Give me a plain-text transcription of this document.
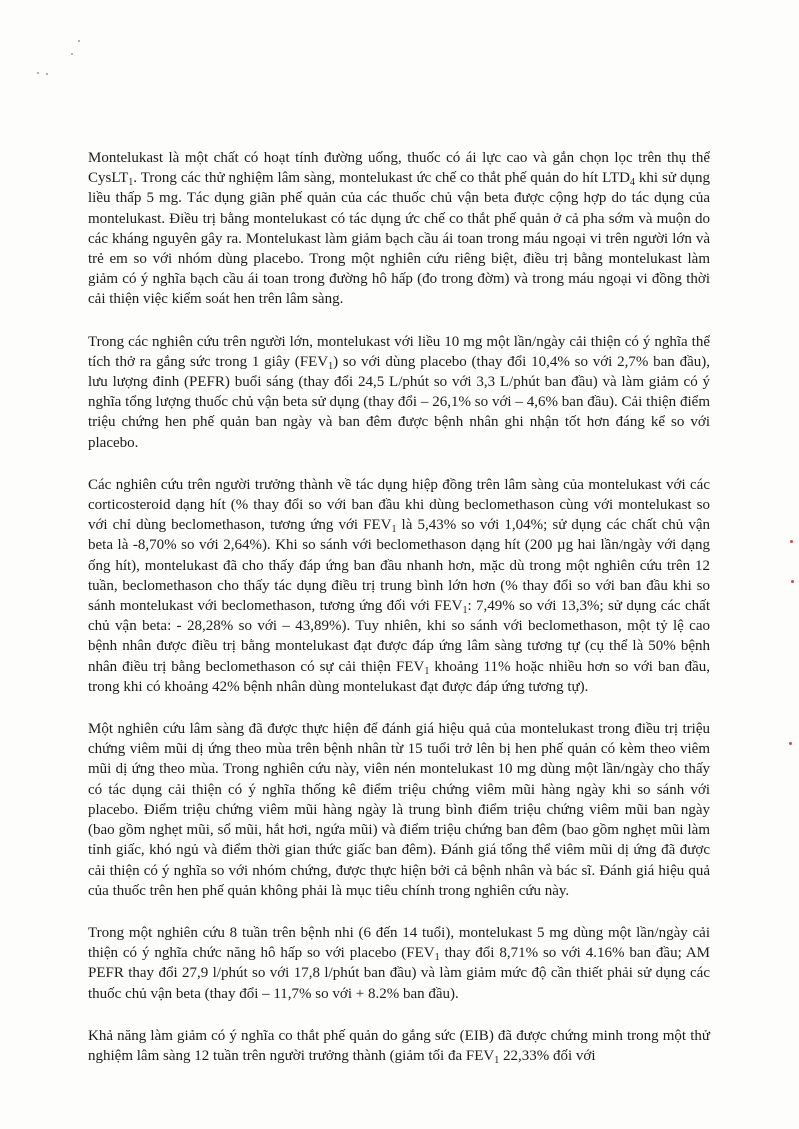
Montelukast là một chất có hoạt tính đường uống, thuốc có ái lực cao và gắn chọn lọc trên thụ thể CysLT$_1$. Trong các thử nghiệm lâm sàng, montelukast ức chế co thắt phế quản do hít $LTD_4$ khi sử dụng liều thấp 5 mg. Tác dụng giãn phế quản của các thuốc chủ vận beta được cộng hợp do tác dụng của montelukast. Điều trị bằng montelukast có tác dụng ức chế co thắt phế quản ở cả pha sớm và muộn do các kháng nguyên gây ra. Montelukast làm giảm bạch cầu ái toan trong máu ngoại vi trên người lớn và trẻ em so với nhóm dùng placebo. Trong một nghiên cứu riêng biệt, điều trị bằng montelukast làm giảm có ý nghĩa bạch cầu ái toan trong đường hô hấp (đo trong đờm) và trong máu ngoại vi đồng thời cải thiện việc kiểm soát hen trên lâm sàng.

Trong các nghiên cứu trên người lớn, montelukast với liều 10 mg một lần/ngày cải thiện có ý nghĩa thể tích thở ra gắng sức trong 1 giây $(FEV_1)$ so với dùng placebo (thay đổi 10,4% so với 2,7% ban đầu), lưu lượng đỉnh (PEFR) buổi sáng (thay đổi 24,5 L/phút so với 3,3 L/phút ban đầu) và làm giảm có ý nghĩa tổng lượng thuốc chủ vận beta sử dụng (thay đổi – 26,1% so với – 4,6% ban đầu). Cải thiện điểm triệu chứng hen phế quản ban ngày và ban đêm được bệnh nhân ghi nhận tốt hơn đáng kể so với placebo.

Các nghiên cứu trên người trưởng thành về tác dụng hiệp đồng trên lâm sàng của montelukast với các corticosteroid dạng hít (% thay đổi so với ban đầu khi dùng beclomethason cùng với montelukast so với chỉ dùng beclomethason, tương ứng với $FEV_1$ là 5,43% so với 1,04%; sử dụng các chất chủ vận beta là -8,70% so với 2,64%). Khi so sánh với beclomethason dạng hít (200 µg hai lần/ngày với dạng ống hít), montelukast đã cho thấy đáp ứng ban đầu nhanh hơn, mặc dù trong một nghiên cứu trên 12 tuần, beclomethason cho thấy tác dụng điều trị trung bình lớn hơn (% thay đổi so với ban đầu khi so sánh montelukast với beclomethason, tương ứng đối với $FEV_1$: 7,49% so với 13,3%; sử dụng các chất chủ vận beta: - 28,28% so với – 43,89%). Tuy nhiên, khi so sánh với beclomethason, một tỷ lệ cao bệnh nhân được điều trị bằng montelukast đạt được đáp ứng lâm sàng tương tự (cụ thể là 50% bệnh nhân điều trị bằng beclomethason có sự cải thiện $FEV_1$ khoảng 11% hoặc nhiều hơn so với ban đầu, trong khi có khoảng 42% bệnh nhân dùng montelukast đạt được đáp ứng tương tự).

Một nghiên cứu lâm sàng đã được thực hiện để đánh giá hiệu quả của montelukast trong điều trị triệu chứng viêm mũi dị ứng theo mùa trên bệnh nhân từ 15 tuổi trở lên bị hen phế quản có kèm theo viêm mũi dị ứng theo mùa. Trong nghiên cứu này, viên nén montelukast 10 mg dùng một lần/ngày cho thấy có tác dụng cải thiện có ý nghĩa thống kê điểm triệu chứng viêm mũi hàng ngày khi so sánh với placebo. Điểm triệu chứng viêm mũi hàng ngày là trung bình điểm triệu chứng viêm mũi ban ngày (bao gồm nghẹt mũi, sổ mũi, hắt hơi, ngứa mũi) và điểm triệu chứng ban đêm (bao gồm nghẹt mũi làm tỉnh giấc, khó ngủ và điểm thời gian thức giấc ban đêm). Đánh giá tổng thể viêm mũi dị ứng đã được cải thiện có ý nghĩa so với nhóm chứng, được thực hiện bởi cả bệnh nhân và bác sĩ. Đánh giá hiệu quả của thuốc trên hen phế quản không phải là mục tiêu chính trong nghiên cứu này.

Trong một nghiên cứu 8 tuần trên bệnh nhi (6 đến 14 tuổi), montelukast 5 mg dùng một lần/ngày cải thiện có ý nghĩa chức năng hô hấp so với placebo ($FEV_1$ thay đổi 8,71% so với 4.16% ban đầu; AM PEFR thay đổi 27,9 l/phút so với 17,8 l/phút ban đầu) và làm giảm mức độ cần thiết phải sử dụng các thuốc chủ vận beta (thay đổi – 11,7% so với + 8.2% ban đầu).

Khả năng làm giảm có ý nghĩa co thắt phế quản do gắng sức (EIB) đã được chứng minh trong một thử nghiệm lâm sàng 12 tuần trên người trưởng thành (giảm tối đa $FEV_1$ 22,33% đối với
